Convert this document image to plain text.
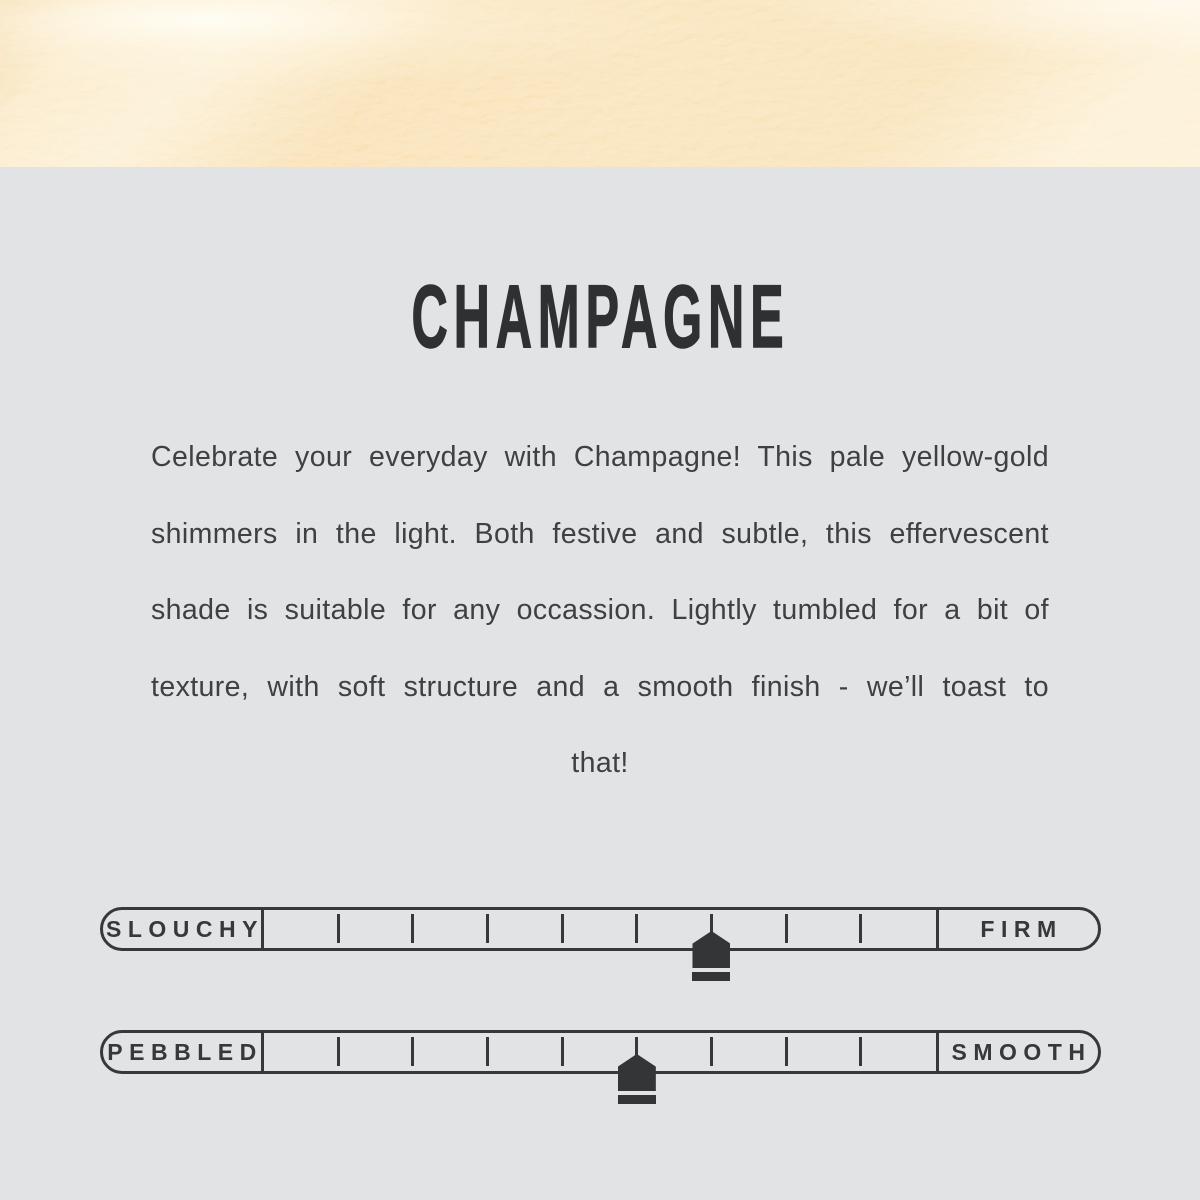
CHAMPAGNE

Celebrate your everyday with Champagne! This pale yellow-gold shimmers in the light. Both festive and subtle, this effervescent shade is suitable for any occassion. Lightly tumbled for a bit of texture, with soft structure and a smooth finish - we’ll toast to that!

SLOUCHY	FIRM
PEBBLED	SMOOTH
